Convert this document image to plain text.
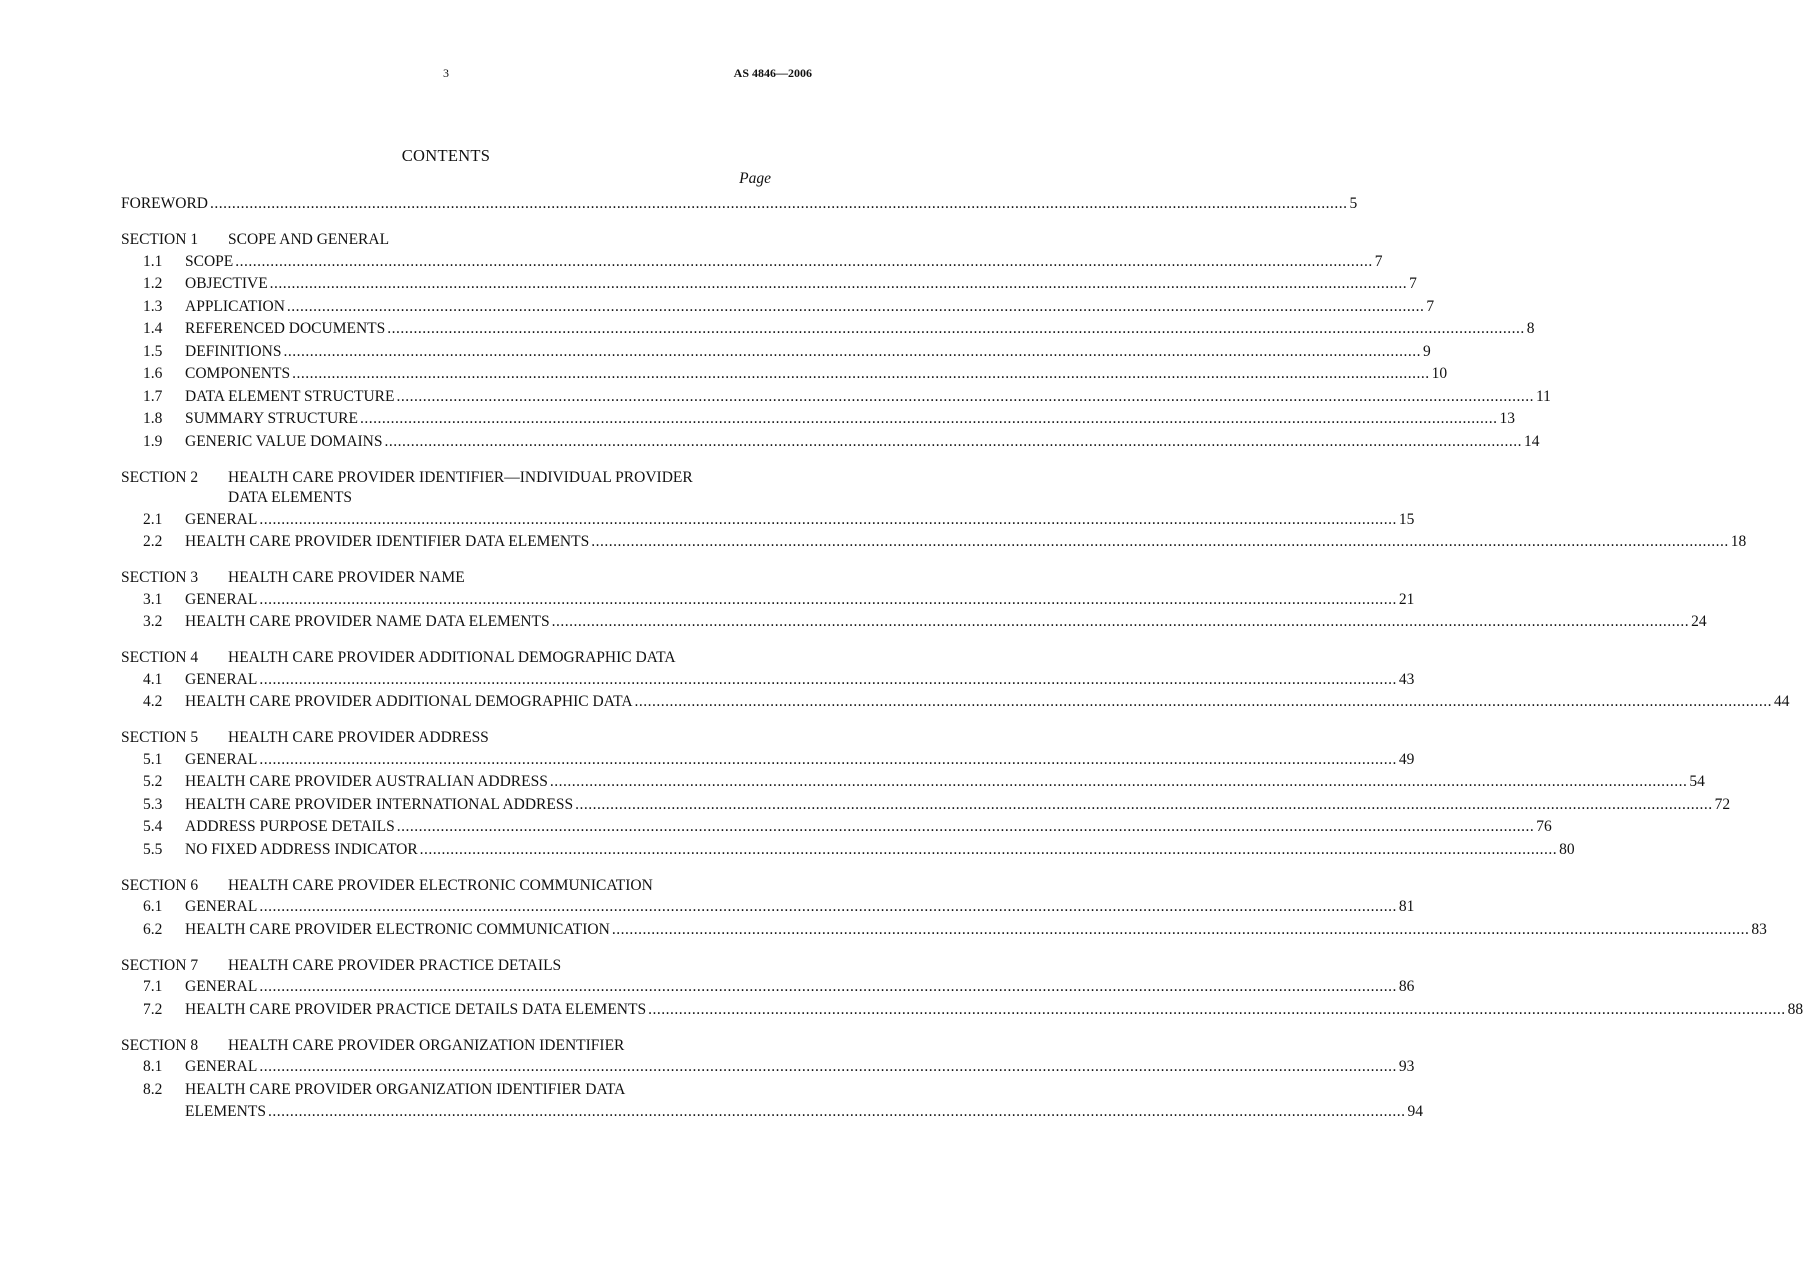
3	AS 4846—2006
CONTENTS
Page
FOREWORD .................................................................................................................................................................................................................................................................... 5
SECTION 1	SCOPE AND GENERAL
1.1	SCOPE .................................................................................................................................................................................................................................................................... 7
1.2	OBJECTIVE .................................................................................................................................................................................................................................................................... 7
1.3	APPLICATION .................................................................................................................................................................................................................................................................... 7
1.4	REFERENCED DOCUMENTS .................................................................................................................................................................................................................................................................... 8
1.5	DEFINITIONS .................................................................................................................................................................................................................................................................... 9
1.6	COMPONENTS .................................................................................................................................................................................................................................................................... 10
1.7	DATA ELEMENT STRUCTURE .................................................................................................................................................................................................................................................................... 11
1.8	SUMMARY STRUCTURE .................................................................................................................................................................................................................................................................... 13
1.9	GENERIC VALUE DOMAINS .................................................................................................................................................................................................................................................................... 14
SECTION 2	HEALTH CARE PROVIDER IDENTIFIER—INDIVIDUAL PROVIDER
DATA ELEMENTS
2.1	GENERAL .................................................................................................................................................................................................................................................................... 15
2.2	HEALTH CARE PROVIDER IDENTIFIER DATA ELEMENTS .................................................................................................................................................................................................................................................................... 18
SECTION 3	HEALTH CARE PROVIDER NAME
3.1	GENERAL .................................................................................................................................................................................................................................................................... 21
3.2	HEALTH CARE PROVIDER NAME DATA ELEMENTS .................................................................................................................................................................................................................................................................... 24
SECTION 4	HEALTH CARE PROVIDER ADDITIONAL DEMOGRAPHIC DATA
4.1	GENERAL .................................................................................................................................................................................................................................................................... 43
4.2	HEALTH CARE PROVIDER ADDITIONAL DEMOGRAPHIC DATA .................................................................................................................................................................................................................................................................... 44
SECTION 5	HEALTH CARE PROVIDER ADDRESS
5.1	GENERAL .................................................................................................................................................................................................................................................................... 49
5.2	HEALTH CARE PROVIDER AUSTRALIAN ADDRESS .................................................................................................................................................................................................................................................................... 54
5.3	HEALTH CARE PROVIDER INTERNATIONAL ADDRESS .................................................................................................................................................................................................................................................................... 72
5.4	ADDRESS PURPOSE DETAILS .................................................................................................................................................................................................................................................................... 76
5.5	NO FIXED ADDRESS INDICATOR .................................................................................................................................................................................................................................................................... 80
SECTION 6	HEALTH CARE PROVIDER ELECTRONIC COMMUNICATION
6.1	GENERAL .................................................................................................................................................................................................................................................................... 81
6.2	HEALTH CARE PROVIDER ELECTRONIC COMMUNICATION .................................................................................................................................................................................................................................................................... 83
SECTION 7	HEALTH CARE PROVIDER PRACTICE DETAILS
7.1	GENERAL .................................................................................................................................................................................................................................................................... 86
7.2	HEALTH CARE PROVIDER PRACTICE DETAILS DATA ELEMENTS .................................................................................................................................................................................................................................................................... 88
SECTION 8	HEALTH CARE PROVIDER ORGANIZATION IDENTIFIER
8.1	GENERAL .................................................................................................................................................................................................................................................................... 93
8.2	HEALTH CARE PROVIDER ORGANIZATION IDENTIFIER DATA
ELEMENTS .................................................................................................................................................................................................................................................................... 94
